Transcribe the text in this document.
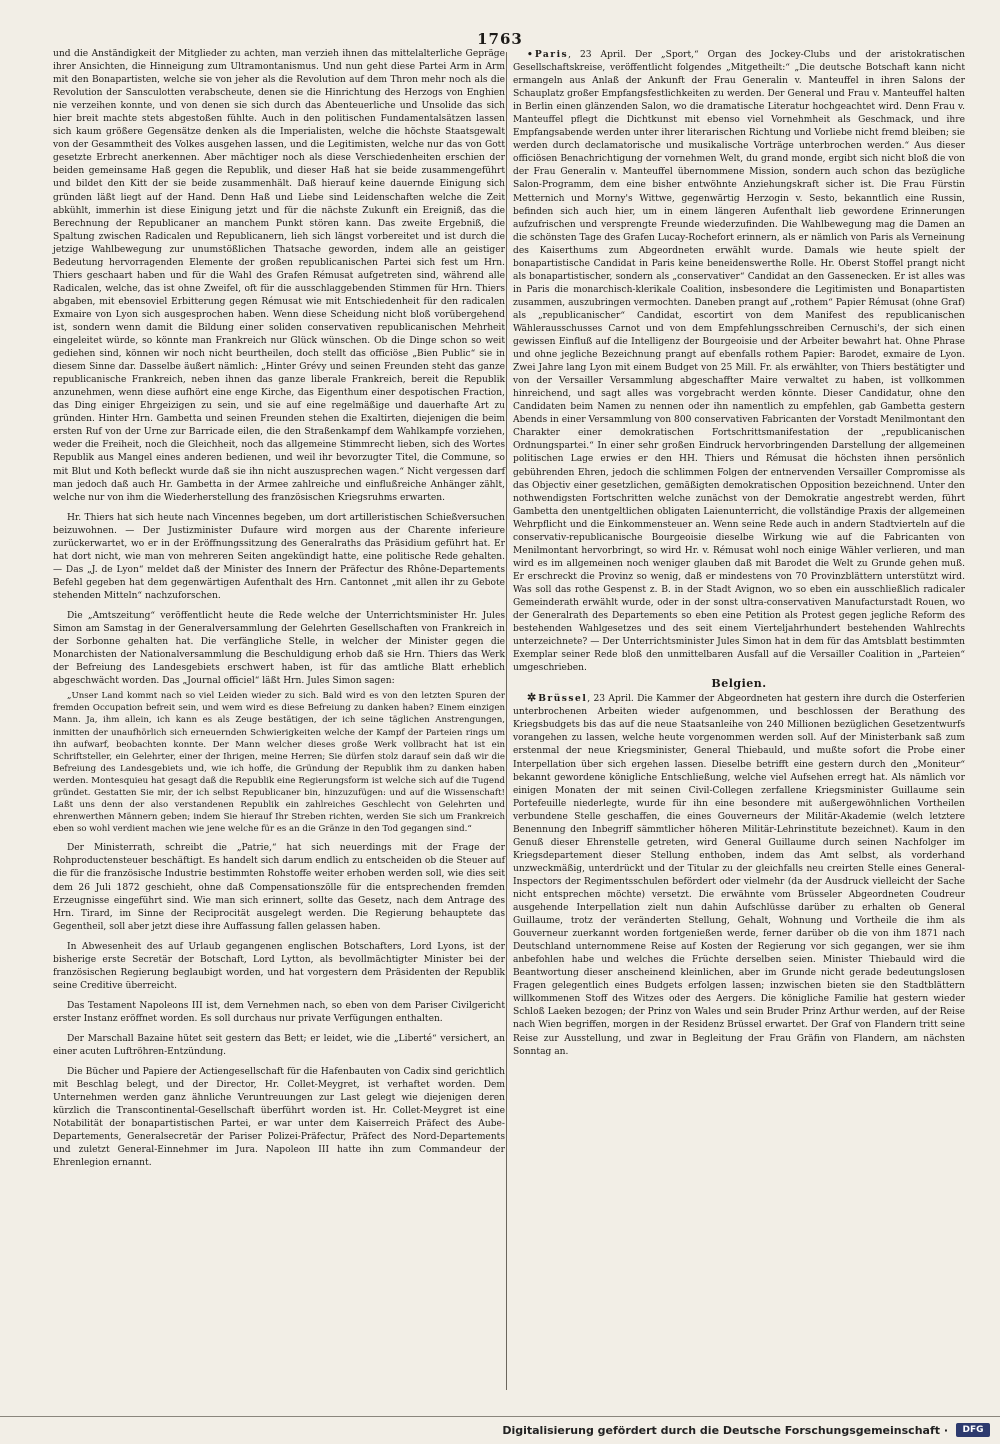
1763

und die Anständigkeit der Mitglieder zu achten, man verzieh ihnen das mittelalterliche Gepräge ihrer Ansichten, die Hinneigung zum Ultramontanismus. Und nun geht diese Partei Arm in Arm mit den Bonapartisten, welche sie von jeher als die Revolution auf dem Thron mehr noch als die Revolution der Sansculotten verabscheute, denen sie die Hinrichtung des Herzogs von Enghien nie verzeihen konnte, und von denen sie sich durch das Abenteuerliche und Unsolide das sich hier breit machte stets abgestoßen fühlte. Auch in den politischen Fundamentalsätzen lassen sich kaum größere Gegensätze denken als die Imperialisten, welche die höchste Staatsgewalt von der Gesammtheit des Volkes ausgehen lassen, und die Legitimisten, welche nur das von Gott gesetzte Erbrecht anerkennen. Aber mächtiger noch als diese Verschiedenheiten erschien der beiden gemeinsame Haß gegen die Republik, und dieser Haß hat sie beide zusammengeführt und bildet den Kitt der sie beide zusammenhält. Daß hierauf keine dauernde Einigung sich gründen läßt liegt auf der Hand. Denn Haß und Liebe sind Leidenschaften welche die Zeit abkühlt, immerhin ist diese Einigung jetzt und für die nächste Zukunft ein Ereigniß, das die Berechnung der Republicaner an manchem Punkt stören kann. Das zweite Ergebniß, die Spaltung zwischen Radicalen und Republicanern, lieh sich längst vorbereitet und ist durch die jetzige Wahlbewegung zur unumstößlichen Thatsache geworden, indem alle an geistiger Bedeutung hervorragenden Elemente der großen republicanischen Partei sich fest um Hrn. Thiers geschaart haben und für die Wahl des Grafen Rémusat aufgetreten sind, während alle Radicalen, welche, das ist ohne Zweifel, oft für die ausschlaggebenden Stimmen für Hrn. Thiers abgaben, mit ebensoviel Erbitterung gegen Rémusat wie mit Entschiedenheit für den radicalen Exmaire von Lyon sich ausgesprochen haben. Wenn diese Scheidung nicht bloß vorübergehend ist, sondern wenn damit die Bildung einer soliden conservativen republicanischen Mehrheit eingeleitet würde, so könnte man Frankreich nur Glück wünschen. Ob die Dinge schon so weit gediehen sind, können wir noch nicht beurtheilen, doch stellt das officiöse „Bien Public“ sie in diesem Sinne dar. Dasselbe äußert nämlich: „Hinter Grévy und seinen Freunden steht das ganze republicanische Frankreich, neben ihnen das ganze liberale Frankreich, bereit die Republik anzunehmen, wenn diese aufhört eine enge Kirche, das Eigenthum einer despotischen Fraction, das Ding einiger Ehrgeizigen zu sein, und sie auf eine regelmäßige und dauerhafte Art zu gründen. Hinter Hrn. Gambetta und seinen Freunden stehen die Exaltirten, diejenigen die beim ersten Ruf von der Urne zur Barricade eilen, die den Straßenkampf dem Wahlkampfe vorziehen, weder die Freiheit, noch die Gleichheit, noch das allgemeine Stimmrecht lieben, sich des Wortes Republik aus Mangel eines anderen bedienen, und weil ihr bevorzugter Titel, die Commune, so mit Blut und Koth befleckt wurde daß sie ihn nicht auszusprechen wagen.“ Nicht vergessen darf man jedoch daß auch Hr. Gambetta in der Armee zahlreiche und einflußreiche Anhänger zählt, welche nur von ihm die Wiederherstellung des französischen Kriegsruhms erwarten.

Hr. Thiers hat sich heute nach Vincennes begeben, um dort artilleristischen Schießversuchen beizuwohnen. — Der Justizminister Dufaure wird morgen aus der Charente inferieure zurückerwartet, wo er in der Eröffnungssitzung des Generalraths das Präsidium geführt hat. Er hat dort nicht, wie man von mehreren Seiten angekündigt hatte, eine politische Rede gehalten. — Das „J. de Lyon“ meldet daß der Minister des Innern der Präfectur des Rhône-Departements Befehl gegeben hat dem gegenwärtigen Aufenthalt des Hrn. Cantonnet „mit allen ihr zu Gebote stehenden Mitteln“ nachzuforschen.

Die „Amtszeitung“ veröffentlicht heute die Rede welche der Unterrichtsminister Hr. Jules Simon am Samstag in der Generalversammlung der Gelehrten Gesellschaften von Frankreich in der Sorbonne gehalten hat. Die verfängliche Stelle, in welcher der Minister gegen die Monarchisten der Nationalversammlung die Beschuldigung erhob daß sie Hrn. Thiers das Werk der Befreiung des Landesgebiets erschwert haben, ist für das amtliche Blatt erheblich abgeschwächt worden. Das „Journal officiel“ läßt Hrn. Jules Simon sagen:

„Unser Land kommt nach so viel Leiden wieder zu sich. Bald wird es von den letzten Spuren der fremden Occupation befreit sein, und wem wird es diese Befreiung zu danken haben? Einem einzigen Mann. Ja, ihm allein, ich kann es als Zeuge bestätigen, der ich seine täglichen Anstrengungen, inmitten der unaufhörlich sich erneuernden Schwierigkeiten welche der Kampf der Parteien rings um ihn aufwarf, beobachten konnte. Der Mann welcher dieses große Werk vollbracht hat ist ein Schriftsteller, ein Gelehrter, einer der Ihrigen, meine Herren; Sie dürfen stolz darauf sein daß wir die Befreiung des Landesgebiets und, wie ich hoffe, die Gründung der Republik ihm zu danken haben werden. Montesquieu hat gesagt daß die Republik eine Regierungsform ist welche sich auf die Tugend gründet. Gestatten Sie mir, der ich selbst Republicaner bin, hinzuzufügen: und auf die Wissenschaft! Laßt uns denn der also verstandenen Republik ein zahlreiches Geschlecht von Gelehrten und ehrenwerthen Männern geben; indem Sie hierauf Ihr Streben richten, werden Sie sich um Frankreich eben so wohl verdient machen wie jene welche für es an die Gränze in den Tod gegangen sind.“

Der Ministerrath, schreibt die „Patrie,“ hat sich neuerdings mit der Frage der Rohproductensteuer beschäftigt. Es handelt sich darum endlich zu entscheiden ob die Steuer auf die für die französische Industrie bestimmten Rohstoffe weiter erhoben werden soll, wie dies seit dem 26 Juli 1872 geschieht, ohne daß Compensationszölle für die entsprechenden fremden Erzeugnisse eingeführt sind. Wie man sich erinnert, sollte das Gesetz, nach dem Antrage des Hrn. Tirard, im Sinne der Reciprocität ausgelegt werden. Die Regierung behauptete das Gegentheil, soll aber jetzt diese ihre Auffassung fallen gelassen haben.

In Abwesenheit des auf Urlaub gegangenen englischen Botschafters, Lord Lyons, ist der bisherige erste Secretär der Botschaft, Lord Lytton, als bevollmächtigter Minister bei der französischen Regierung beglaubigt worden, und hat vorgestern dem Präsidenten der Republik seine Creditive überreicht.

Das Testament Napoleons III ist, dem Vernehmen nach, so eben von dem Pariser Civilgericht erster Instanz eröffnet worden. Es soll durchaus nur private Verfügungen enthalten.

Der Marschall Bazaine hütet seit gestern das Bett; er leidet, wie die „Liberté“ versichert, an einer acuten Luftröhren-Entzündung.

Die Bücher und Papiere der Actiengesellschaft für die Hafenbauten von Cadix sind gerichtlich mit Beschlag belegt, und der Director, Hr. Collet-Meygret, ist verhaftet worden. Dem Unternehmen werden ganz ähnliche Veruntreuungen zur Last gelegt wie diejenigen deren kürzlich die Transcontinental-Gesellschaft überführt worden ist. Hr. Collet-Meygret ist eine Notabilität der bonapartistischen Partei, er war unter dem Kaiserreich Präfect des Aube-Departements, Generalsecretär der Pariser Polizei-Präfectur, Präfect des Nord-Departements und zuletzt General-Einnehmer im Jura. Napoleon III hatte ihn zum Commandeur der Ehrenlegion ernannt.

• Paris, 23 April. Der „Sport,“ Organ des Jockey-Clubs und der aristokratischen Gesellschaftskreise, veröffentlicht folgendes „Mitgetheilt:“ „Die deutsche Botschaft kann nicht ermangeln aus Anlaß der Ankunft der Frau Generalin v. Manteuffel in ihren Salons der Schauplatz großer Empfangsfestlichkeiten zu werden. Der General und Frau v. Manteuffel halten in Berlin einen glänzenden Salon, wo die dramatische Literatur hochgeachtet wird. Denn Frau v. Manteuffel pflegt die Dichtkunst mit ebenso viel Vornehmheit als Geschmack, und ihre Empfangsabende werden unter ihrer literarischen Richtung und Vorliebe nicht fremd bleiben; sie werden durch declamatorische und musikalische Vorträge unterbrochen werden.“ Aus dieser officiösen Benachrichtigung der vornehmen Welt, du grand monde, ergibt sich nicht bloß die von der Frau Generalin v. Manteuffel übernommene Mission, sondern auch schon das bezügliche Salon-Programm, dem eine bisher entwöhnte Anziehungskraft sicher ist. Die Frau Fürstin Metternich und Morny's Wittwe, gegenwärtig Herzogin v. Sesto, bekanntlich eine Russin, befinden sich auch hier, um in einem längeren Aufenthalt lieb gewordene Erinnerungen aufzufrischen und versprengte Freunde wiederzufinden. Die Wahlbewegung mag die Damen an die schönsten Tage des Grafen Lucay-Rochefort erinnern, als er nämlich von Paris als Verneinung des Kaiserthums zum Abgeordneten erwählt wurde. Damals wie heute spielt der bonapartistische Candidat in Paris keine beneidenswerthe Rolle. Hr. Oberst Stoffel prangt nicht als bonapartistischer, sondern als „conservativer“ Candidat an den Gassenecken. Er ist alles was in Paris die monarchisch-klerikale Coalition, insbesondere die Legitimisten und Bonapartisten zusammen, auszubringen vermochten. Daneben prangt auf „rothem“ Papier Rémusat (ohne Graf) als „republicanischer“ Candidat, escortirt von dem Manifest des republicanischen Wählerausschusses Carnot und von dem Empfehlungsschreiben Cernuschi's, der sich einen gewissen Einfluß auf die Intelligenz der Bourgeoisie und der Arbeiter bewahrt hat. Ohne Phrase und ohne jegliche Bezeichnung prangt auf ebenfalls rothem Papier: Barodet, exmaire de Lyon. Zwei Jahre lang Lyon mit einem Budget von 25 Mill. Fr. als erwählter, von Thiers bestätigter und von der Versailler Versammlung abgeschaffter Maire verwaltet zu haben, ist vollkommen hinreichend, und sagt alles was vorgebracht werden könnte. Dieser Candidatur, ohne den Candidaten beim Namen zu nennen oder ihn namentlich zu empfehlen, gab Gambetta gestern Abends in einer Versammlung von 800 conservativen Fabricanten der Vorstadt Menilmontant den Charakter einer demokratischen Fortschrittsmanifestation der „republicanischen Ordnungspartei.“ In einer sehr großen Eindruck hervorbringenden Darstellung der allgemeinen politischen Lage erwies er den HH. Thiers und Rémusat die höchsten ihnen persönlich gebührenden Ehren, jedoch die schlimmen Folgen der entnervenden Versailler Compromisse als das Objectiv einer gesetzlichen, gemäßigten demokratischen Opposition bezeichnend. Unter den nothwendigsten Fortschritten welche zunächst von der Demokratie angestrebt werden, führt Gambetta den unentgeltlichen obligaten Laienunterricht, die vollständige Praxis der allgemeinen Wehrpflicht und die Einkommensteuer an. Wenn seine Rede auch in andern Stadtvierteln auf die conservativ-republicanische Bourgeoisie dieselbe Wirkung wie auf die Fabricanten von Menilmontant hervorbringt, so wird Hr. v. Rémusat wohl noch einige Wähler verlieren, und man wird es im allgemeinen noch weniger glauben daß mit Barodet die Welt zu Grunde gehen muß. Er erschreckt die Provinz so wenig, daß er mindestens von 70 Provinzblättern unterstützt wird. Was soll das rothe Gespenst z. B. in der Stadt Avignon, wo so eben ein ausschließlich radicaler Gemeinderath erwählt wurde, oder in der sonst ultra-conservativen Manufacturstadt Rouen, wo der Generalrath des Departements so eben eine Petition als Protest gegen jegliche Reform des bestehenden Wahlgesetzes und des seit einem Vierteljahrhundert bestehenden Wahlrechts unterzeichnete? — Der Unterrichtsminister Jules Simon hat in dem für das Amtsblatt bestimmten Exemplar seiner Rede bloß den unmittelbaren Ausfall auf die Versailler Coalition in „Parteien“ umgeschrieben.

Belgien.

✲ Brüssel, 23 April. Die Kammer der Abgeordneten hat gestern ihre durch die Osterferien unterbrochenen Arbeiten wieder aufgenommen, und beschlossen der Berathung des Kriegsbudgets bis das auf die neue Staatsanleihe von 240 Millionen bezüglichen Gesetzentwurfs vorangehen zu lassen, welche heute vorgenommen werden soll. Auf der Ministerbank saß zum erstenmal der neue Kriegsminister, General Thiebauld, und mußte sofort die Probe einer Interpellation über sich ergehen lassen. Dieselbe betrifft eine gestern durch den „Moniteur“ bekannt gewordene königliche Entschließung, welche viel Aufsehen erregt hat. Als nämlich vor einigen Monaten der mit seinen Civil-Collegen zerfallene Kriegsminister Guillaume sein Portefeuille niederlegte, wurde für ihn eine besondere mit außergewöhnlichen Vortheilen verbundene Stelle geschaffen, die eines Gouverneurs der Militär-Akademie (welch letztere Benennung den Inbegriff sämmtlicher höheren Militär-Lehrinstitute bezeichnet). Kaum in den Genuß dieser Ehrenstelle getreten, wird General Guillaume durch seinen Nachfolger im Kriegsdepartement dieser Stellung enthoben, indem das Amt selbst, als vorderhand unzweckmäßig, unterdrückt und der Titular zu der gleichfalls neu creirten Stelle eines General-Inspectors der Regimentsschulen befördert oder vielmehr (da der Ausdruck vielleicht der Sache nicht entsprechen möchte) versetzt. Die erwähnte vom Brüsseler Abgeordneten Coudreur ausgehende Interpellation zielt nun dahin Aufschlüsse darüber zu erhalten ob General Guillaume, trotz der veränderten Stellung, Gehalt, Wohnung und Vortheile die ihm als Gouverneur zuerkannt worden fortgenießen werde, ferner darüber ob die von ihm 1871 nach Deutschland unternommene Reise auf Kosten der Regierung vor sich gegangen, wer sie ihm anbefohlen habe und welches die Früchte derselben seien. Minister Thiebauld wird die Beantwortung dieser anscheinend kleinlichen, aber im Grunde nicht gerade bedeutungslosen Fragen gelegentlich eines Budgets erfolgen lassen; inzwischen bieten sie den Stadtblättern willkommenen Stoff des Witzes oder des Aergers. Die königliche Familie hat gestern wieder Schloß Laeken bezogen; der Prinz von Wales und sein Bruder Prinz Arthur werden, auf der Reise nach Wien begriffen, morgen in der Residenz Brüssel erwartet. Der Graf von Flandern tritt seine Reise zur Ausstellung, und zwar in Begleitung der Frau Gräfin von Flandern, am nächsten Sonntag an.

Digitalisierung gefördert durch die Deutsche Forschungsgemeinschaft ·	DFG
